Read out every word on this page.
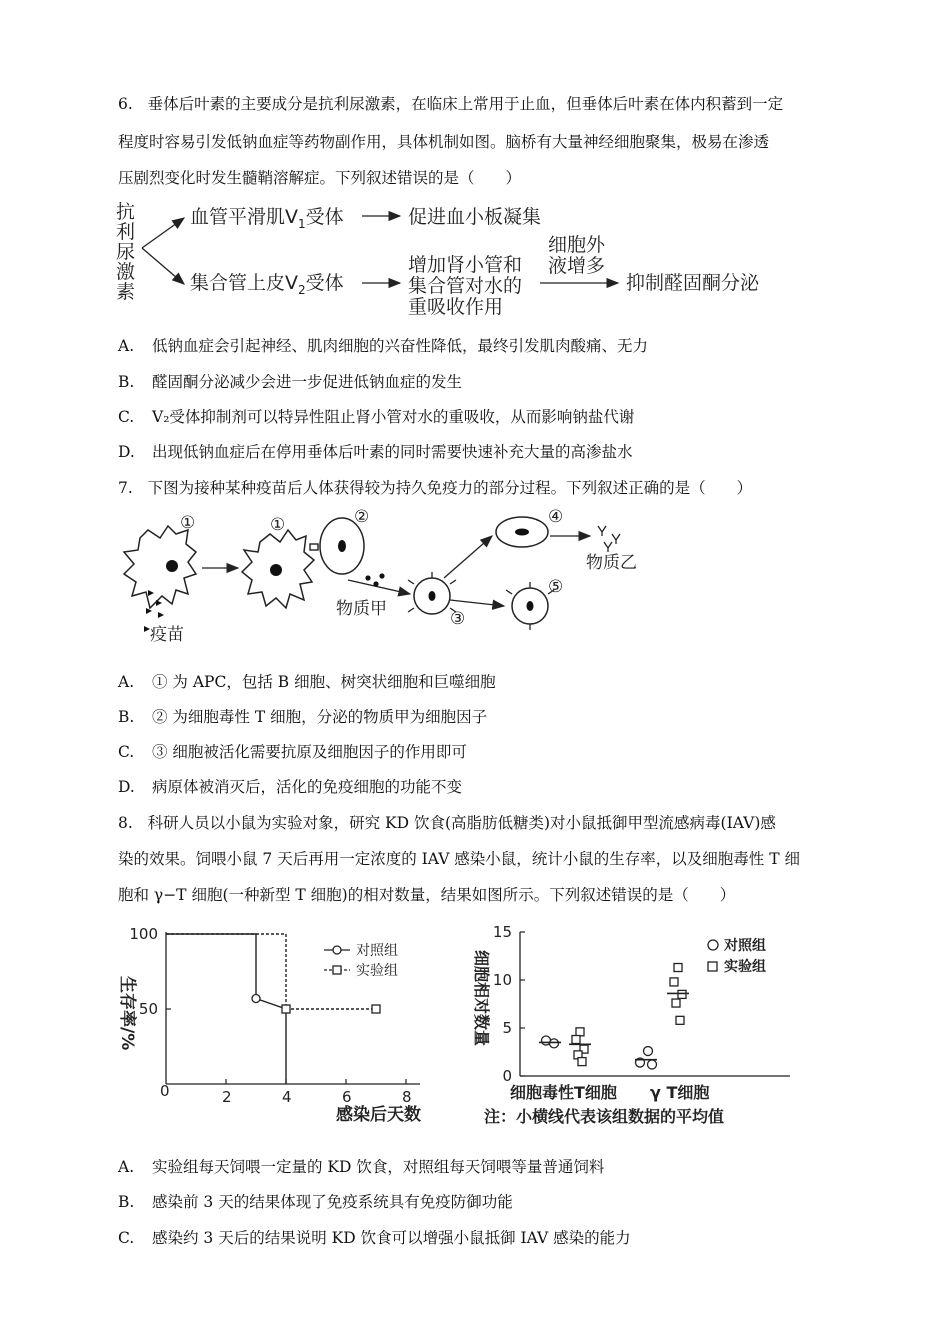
6. 垂体后叶素的主要成分是抗利尿激素，在临床上常用于止血，但垂体后叶素在体内积蓄到一定
程度时容易引发低钠血症等药物副作用，具体机制如图。脑桥有大量神经细胞聚集，极易在渗透
压剧烈变化时发生髓鞘溶解症。下列叙述错误的是（　　）
抗
利
尿
激
素
血管平滑肌$V_1$受体	促进血小板凝集
集合管上皮$V_2$受体
增加肾小管和
集合管对水的
重吸收作用
细胞外
液增多
抑制醛固酮分泌
A. 低钠血症会引起神经、肌肉细胞的兴奋性降低，最终引发肌肉酸痛、无力
B. 醛固酮分泌减少会进一步促进低钠血症的发生
C. V₂受体抑制剂可以特异性阻止肾小管对水的重吸收，从而影响钠盐代谢
D. 出现低钠血症后在停用垂体后叶素的同时需要快速补充大量的高渗盐水
7. 下图为接种某种疫苗后人体获得较为持久免疫力的部分过程。下列叙述正确的是（　　）
①
疫苗
①	②
物质甲	③
④
物质乙
⑤
A. ① 为 APC，包括 B 细胞、树突状细胞和巨噬细胞
B. ② 为细胞毒性 T 细胞，分泌的物质甲为细胞因子
C. ③ 细胞被活化需要抗原及细胞因子的作用即可
D. 病原体被消灭后，活化的免疫细胞的功能不变
8. 科研人员以小鼠为实验对象，研究 KD 饮食(高脂肪低糖类)对小鼠抵御甲型流感病毒(IAV)感
染的效果。饲喂小鼠 7 天后再用一定浓度的 IAV 感染小鼠，统计小鼠的生存率，以及细胞毒性 T 细
胞和 γ−T 细胞(一种新型 T 细胞)的相对数量，结果如图所示。下列叙述错误的是（　　）
0	2	4	6	8
50
100
感染后天数
生存率/%
对照组
实验组
0
5
10
15
细胞相对数量
细胞毒性T细胞 γ T细胞
注：小横线代表该组数据的平均值
对照组
实验组
A. 实验组每天饲喂一定量的 KD 饮食，对照组每天饲喂等量普通饲料
B. 感染前 3 天的结果体现了免疫系统具有免疫防御功能
C. 感染约 3 天后的结果说明 KD 饮食可以增强小鼠抵御 IAV 感染的能力
